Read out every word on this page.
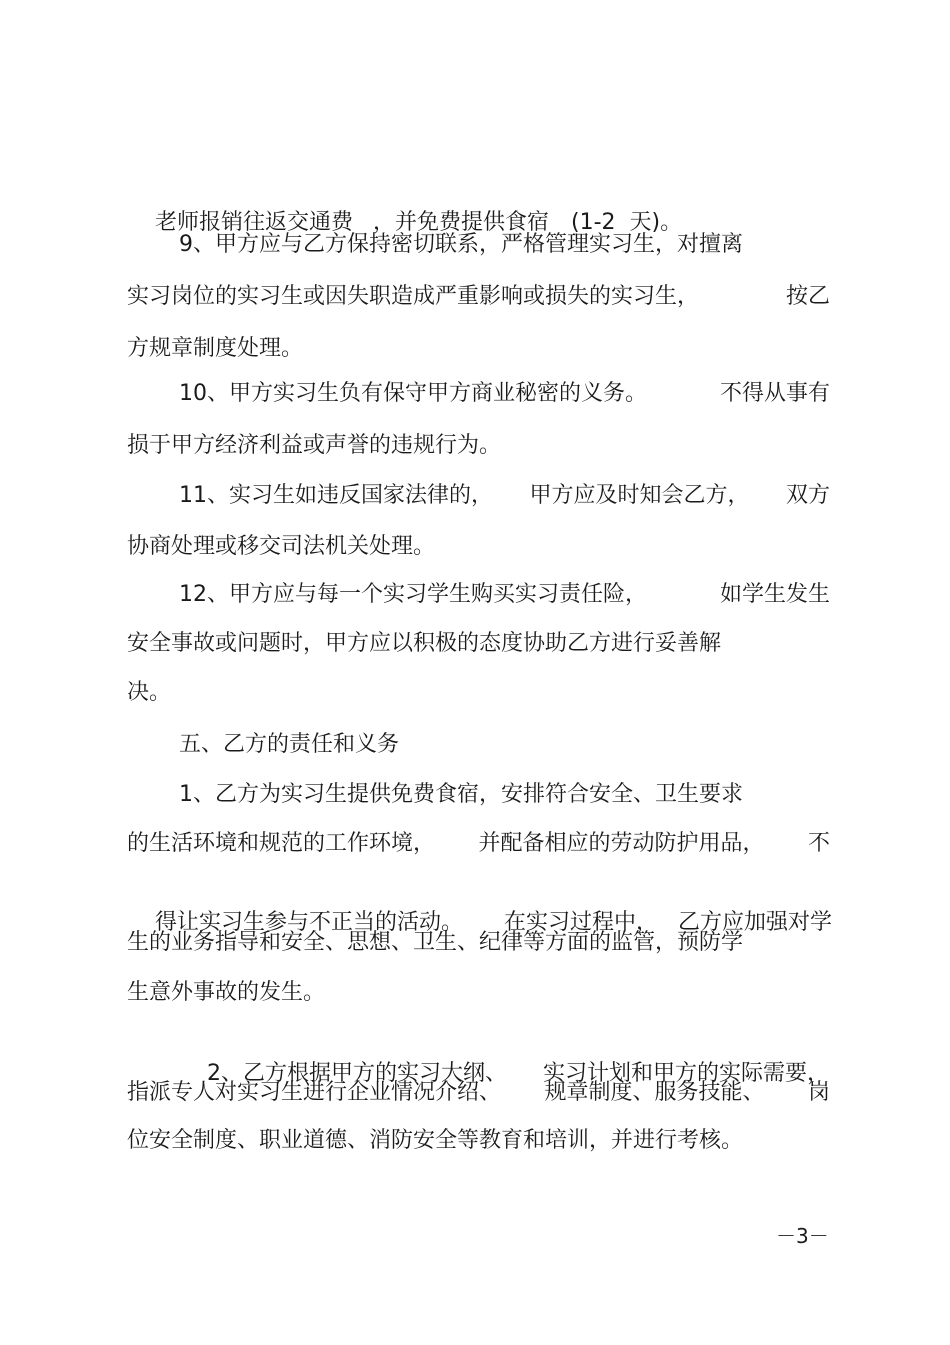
老师报销往返交通费 ，并免费提供食宿 (1-2 天)。

9、甲方应与乙方保持密切联系，严格管理实习生，对擅离
实习岗位的实习生或因失职造成严重影响或损失的实习生，	按乙
方规章制度处理。
10、甲方实习生负有保守甲方商业秘密的义务。	不得从事有
损于甲方经济利益或声誉的违规行为。
11、实习生如违反国家法律的， 甲方应及时知会乙方， 双方
协商处理或移交司法机关处理。
12、甲方应与每一个实习学生购买实习责任险，	如学生发生
安全事故或问题时，甲方应以积极的态度协助乙方进行妥善解
决。
五、乙方的责任和义务
1、乙方为实习生提供免费食宿，安排符合安全、卫生要求
的生活环境和规范的工作环境， 并配备相应的劳动防护用品， 不

得让实习生参与不正当的活动。 在实习过程中， 乙方应加强对学

生的业务指导和安全、思想、卫生、纪律等方面的监管，预防学
生意外事故的发生。

2、乙方根据甲方的实习大纲、 实习计划和甲方的实际需要，

指派专人对实习生进行企业情况介绍、 规章制度、服务技能、 岗
位安全制度、职业道德、消防安全等教育和培训，并进行考核。
－3－
